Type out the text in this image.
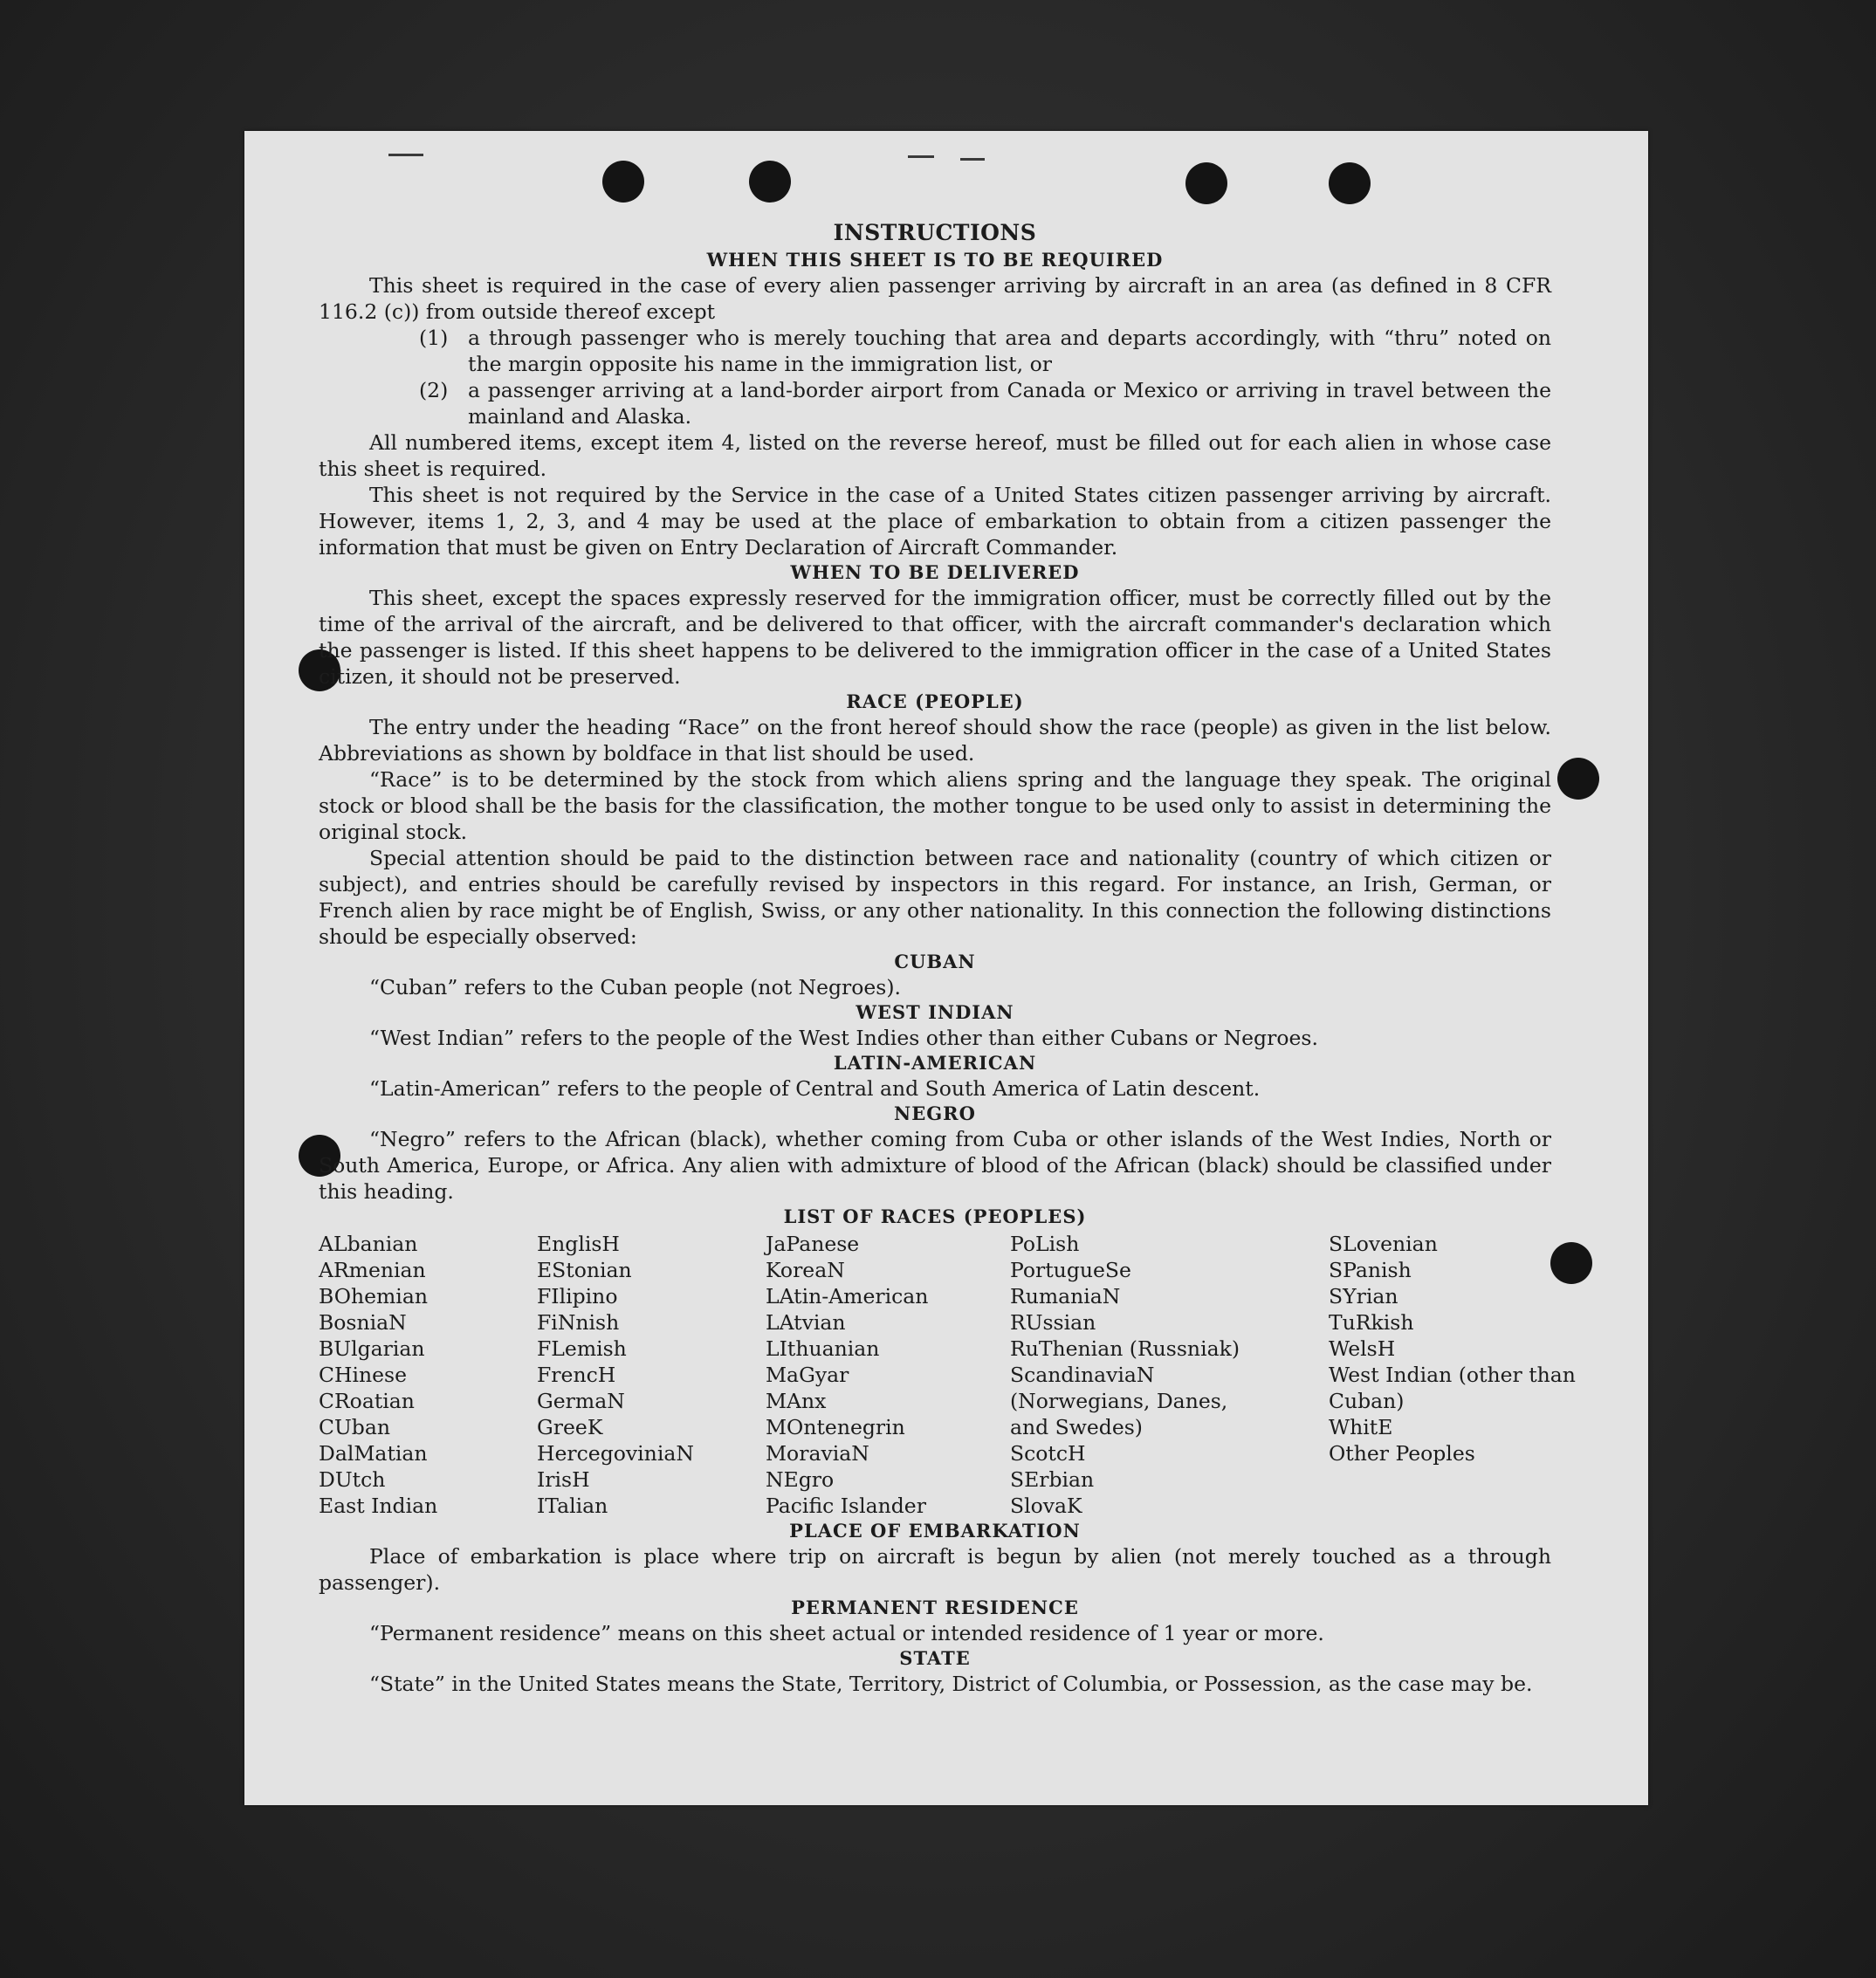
INSTRUCTIONS
WHEN THIS SHEET IS TO BE REQUIRED

This sheet is required in the case of every alien passenger arriving by aircraft in an area (as defined in 8 CFR 116.2 (c)) from outside thereof except

(1) a through passenger who is merely touching that area and departs accordingly, with “thru” noted on the margin opposite his name in the immigration list, or
(2) a passenger arriving at a land-border airport from Canada or Mexico or arriving in travel between the mainland and Alaska.

All numbered items, except item 4, listed on the reverse hereof, must be filled out for each alien in whose case this sheet is required.

This sheet is not required by the Service in the case of a United States citizen passenger arriving by aircraft. However, items 1, 2, 3, and 4 may be used at the place of embarkation to obtain from a citizen passenger the information that must be given on Entry Declaration of Aircraft Commander.

WHEN TO BE DELIVERED

This sheet, except the spaces expressly reserved for the immigration officer, must be correctly filled out by the time of the arrival of the aircraft, and be delivered to that officer, with the aircraft commander's declaration which the passenger is listed. If this sheet happens to be delivered to the immigration officer in the case of a United States citizen, it should not be preserved.

RACE (PEOPLE)

The entry under the heading “Race” on the front hereof should show the race (people) as given in the list below. Abbreviations as shown by boldface in that list should be used.

“Race” is to be determined by the stock from which aliens spring and the language they speak. The original stock or blood shall be the basis for the classification, the mother tongue to be used only to assist in determining the original stock.

Special attention should be paid to the distinction between race and nationality (country of which citizen or subject), and entries should be carefully revised by inspectors in this regard. For instance, an Irish, German, or French alien by race might be of English, Swiss, or any other nationality. In this connection the following distinctions should be especially observed:

CUBAN

“Cuban” refers to the Cuban people (not Negroes).

WEST INDIAN

“West Indian” refers to the people of the West Indies other than either Cubans or Negroes.

LATIN-AMERICAN

“Latin-American” refers to the people of Central and South America of Latin descent.

NEGRO

“Negro” refers to the African (black), whether coming from Cuba or other islands of the West Indies, North or South America, Europe, or Africa. Any alien with admixture of blood of the African (black) should be classified under this heading.

LIST OF RACES (PEOPLES)
ALbanian
ARmenian
BOhemian
BosniaN
BUlgarian
CHinese
CRoatian
CUban
DalMatian
DUtch
East Indian
EnglisH
EStonian
FIlipino
FiNnish
FLemish
FrencH
GermaN
GreeK
HercegoviniaN
IrisH
ITalian
JaPanese
KoreaN
LAtin-American
LAtvian
LIthuanian
MaGyar
MAnx
MOntenegrin
MoraviaN
NEgro
Pacific Islander
PoLish
PortugueSe
RumaniaN
RUssian
RuThenian (Russniak)
ScandinaviaN (Norwegians, Danes, and Swedes)
ScotcH
SErbian
SlovaK
SLovenian
SPanish
SYrian
TuRkish
WelsH
West Indian (other than Cuban)
WhitE
Other Peoples
PLACE OF EMBARKATION

Place of embarkation is place where trip on aircraft is begun by alien (not merely touched as a through passenger).

PERMANENT RESIDENCE

“Permanent residence” means on this sheet actual or intended residence of 1 year or more.

STATE

“State” in the United States means the State, Territory, District of Columbia, or Possession, as the case may be.
